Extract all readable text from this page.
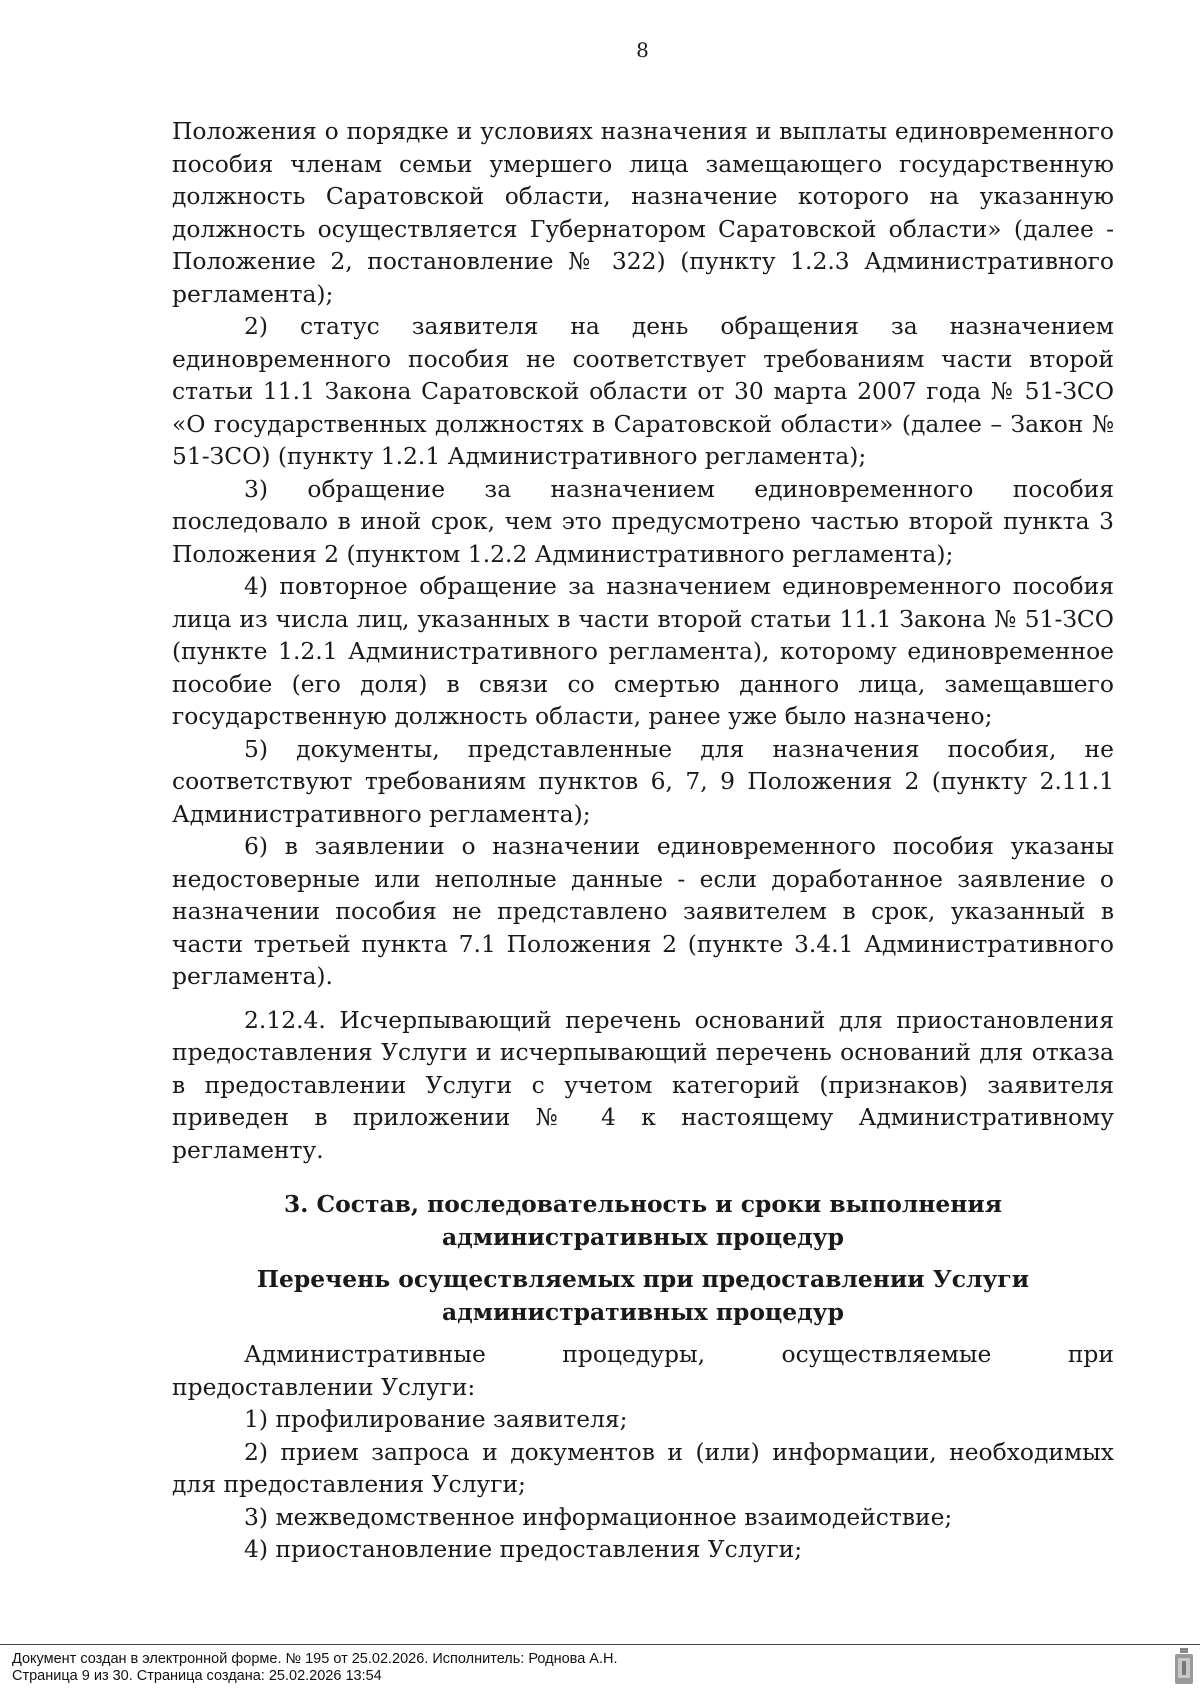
8

Положения о порядке и условиях назначения и выплаты единовременного пособия членам семьи умершего лица замещающего государственную должность Саратовской области, назначение которого на указанную должность осуществляется Губернатором Саратовской области» (далее - Положение 2, постановление № 322) (пункту 1.2.3 Административного регламента);

2) статус заявителя на день обращения за назначением единовременного пособия не соответствует требованиям части второй статьи 11.1 Закона Саратовской области от 30 марта 2007 года № 51-ЗСО «О государственных должностях в Саратовской области» (далее – Закон № 51-ЗСО) (пункту 1.2.1 Административного регламента);

3) обращение за назначением единовременного пособия последовало в иной срок, чем это предусмотрено частью второй пункта 3 Положения 2 (пунктом 1.2.2 Административного регламента);

4) повторное обращение за назначением единовременного пособия лица из числа лиц, указанных в части второй статьи 11.1 Закона № 51-ЗСО (пункте 1.2.1 Административного регламента), которому единовременное пособие (его доля) в связи со смертью данного лица, замещавшего государственную должность области, ранее уже было назначено;

5) документы, представленные для назначения пособия, не соответствуют требованиям пунктов 6, 7, 9 Положения 2 (пункту 2.11.1 Административного регламента);

6) в заявлении о назначении единовременного пособия указаны недостоверные или неполные данные - если доработанное заявление о назначении пособия не представлено заявителем в срок, указанный в части третьей пункта 7.1 Положения 2 (пункте 3.4.1 Административного регламента).

2.12.4. Исчерпывающий перечень оснований для приостановления предоставления Услуги и исчерпывающий перечень оснований для отказа в предоставлении Услуги с учетом категорий (признаков) заявителя приведен в приложении № 4 к настоящему Административному регламенту.

3. Состав, последовательность и сроки выполнения административных процедур
Перечень осуществляемых при предоставлении Услуги административных процедур

Административные процедуры, осуществляемые при предоставлении Услуги:

1) профилирование заявителя;

2) прием запроса и документов и (или) информации, необходимых для предоставления Услуги;

3) межведомственное информационное взаимодействие;

4) приостановление предоставления Услуги;

Документ создан в электронной форме. № 195 от 25.02.2026. Исполнитель: Роднова А.Н.
Страница 9 из 30. Страница создана: 25.02.2026 13:54
